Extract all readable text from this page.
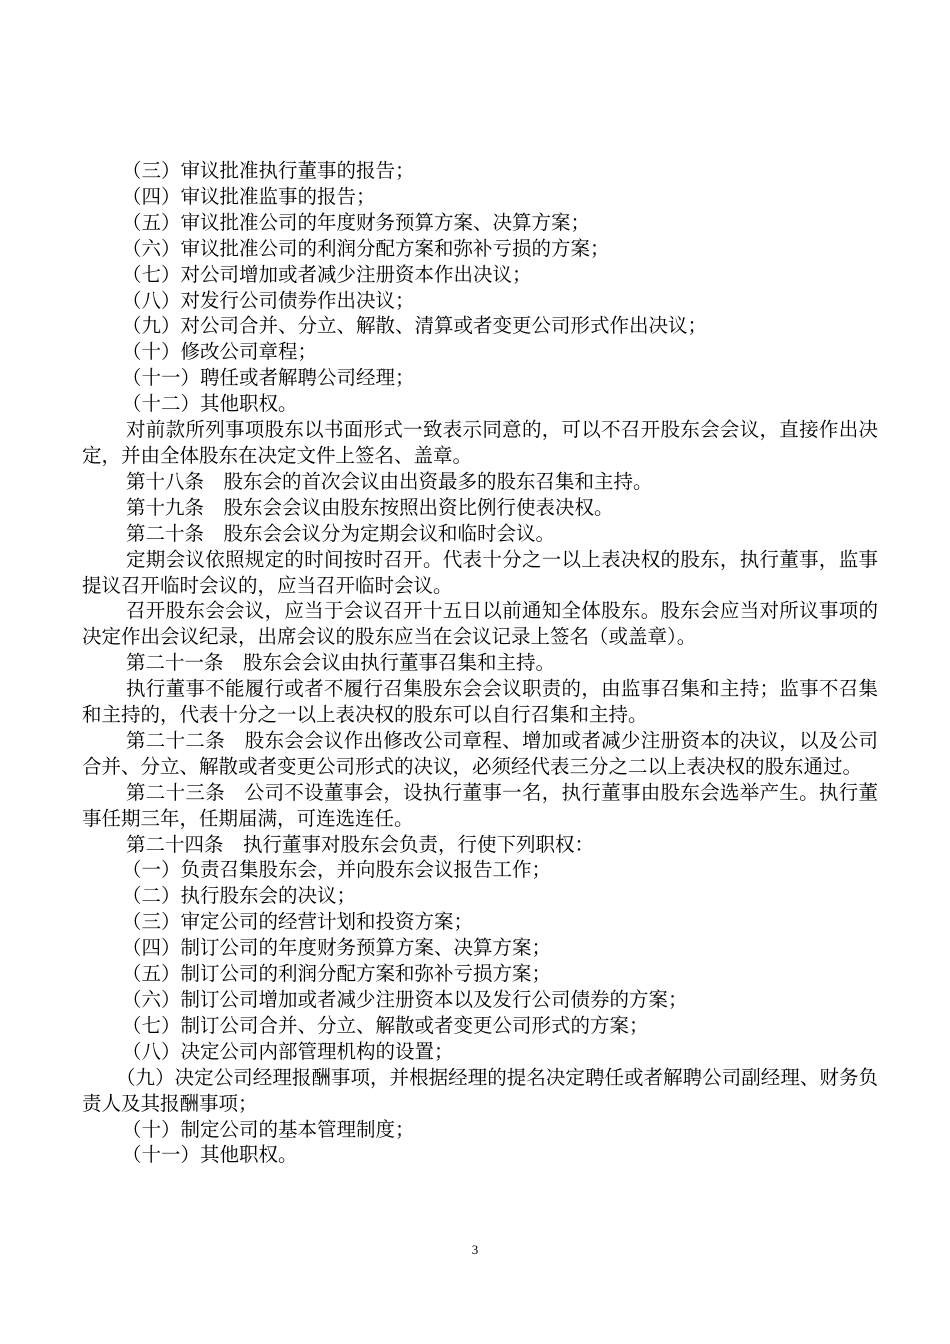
（三）审议批准执行董事的报告；

（四）审议批准监事的报告；

（五）审议批准公司的年度财务预算方案、决算方案；

（六）审议批准公司的利润分配方案和弥补亏损的方案；

（七）对公司增加或者减少注册资本作出决议；

（八）对发行公司债券作出决议；

（九）对公司合并、分立、解散、清算或者变更公司形式作出决议；

（十）修改公司章程；

（十一）聘任或者解聘公司经理；

（十二）其他职权。

对前款所列事项股东以书面形式一致表示同意的，可以不召开股东会会议，直接作出决定，并由全体股东在决定文件上签名、盖章。

第十八条　股东会的首次会议由出资最多的股东召集和主持。

第十九条　股东会会议由股东按照出资比例行使表决权。

第二十条　股东会会议分为定期会议和临时会议。

定期会议依照规定的时间按时召开。代表十分之一以上表决权的股东，执行董事，监事提议召开临时会议的，应当召开临时会议。

召开股东会会议，应当于会议召开十五日以前通知全体股东。股东会应当对所议事项的决定作出会议纪录，出席会议的股东应当在会议记录上签名（或盖章）。

第二十一条　股东会会议由执行董事召集和主持。

执行董事不能履行或者不履行召集股东会会议职责的，由监事召集和主持；监事不召集和主持的，代表十分之一以上表决权的股东可以自行召集和主持。

第二十二条　股东会会议作出修改公司章程、增加或者减少注册资本的决议，以及公司合并、分立、解散或者变更公司形式的决议，必须经代表三分之二以上表决权的股东通过。

第二十三条　公司不设董事会，设执行董事一名，执行董事由股东会选举产生。执行董事任期三年，任期届满，可连选连任。

第二十四条　执行董事对股东会负责，行使下列职权：

（一）负责召集股东会，并向股东会议报告工作；

（二）执行股东会的决议；

（三）审定公司的经营计划和投资方案；

（四）制订公司的年度财务预算方案、决算方案；

（五）制订公司的利润分配方案和弥补亏损方案；

（六）制订公司增加或者减少注册资本以及发行公司债券的方案；

（七）制订公司合并、分立、解散或者变更公司形式的方案；

（八）决定公司内部管理机构的设置；

（九）决定公司经理报酬事项，并根据经理的提名决定聘任或者解聘公司副经理、财务负责人及其报酬事项；

（十）制定公司的基本管理制度；

（十一）其他职权。

3
